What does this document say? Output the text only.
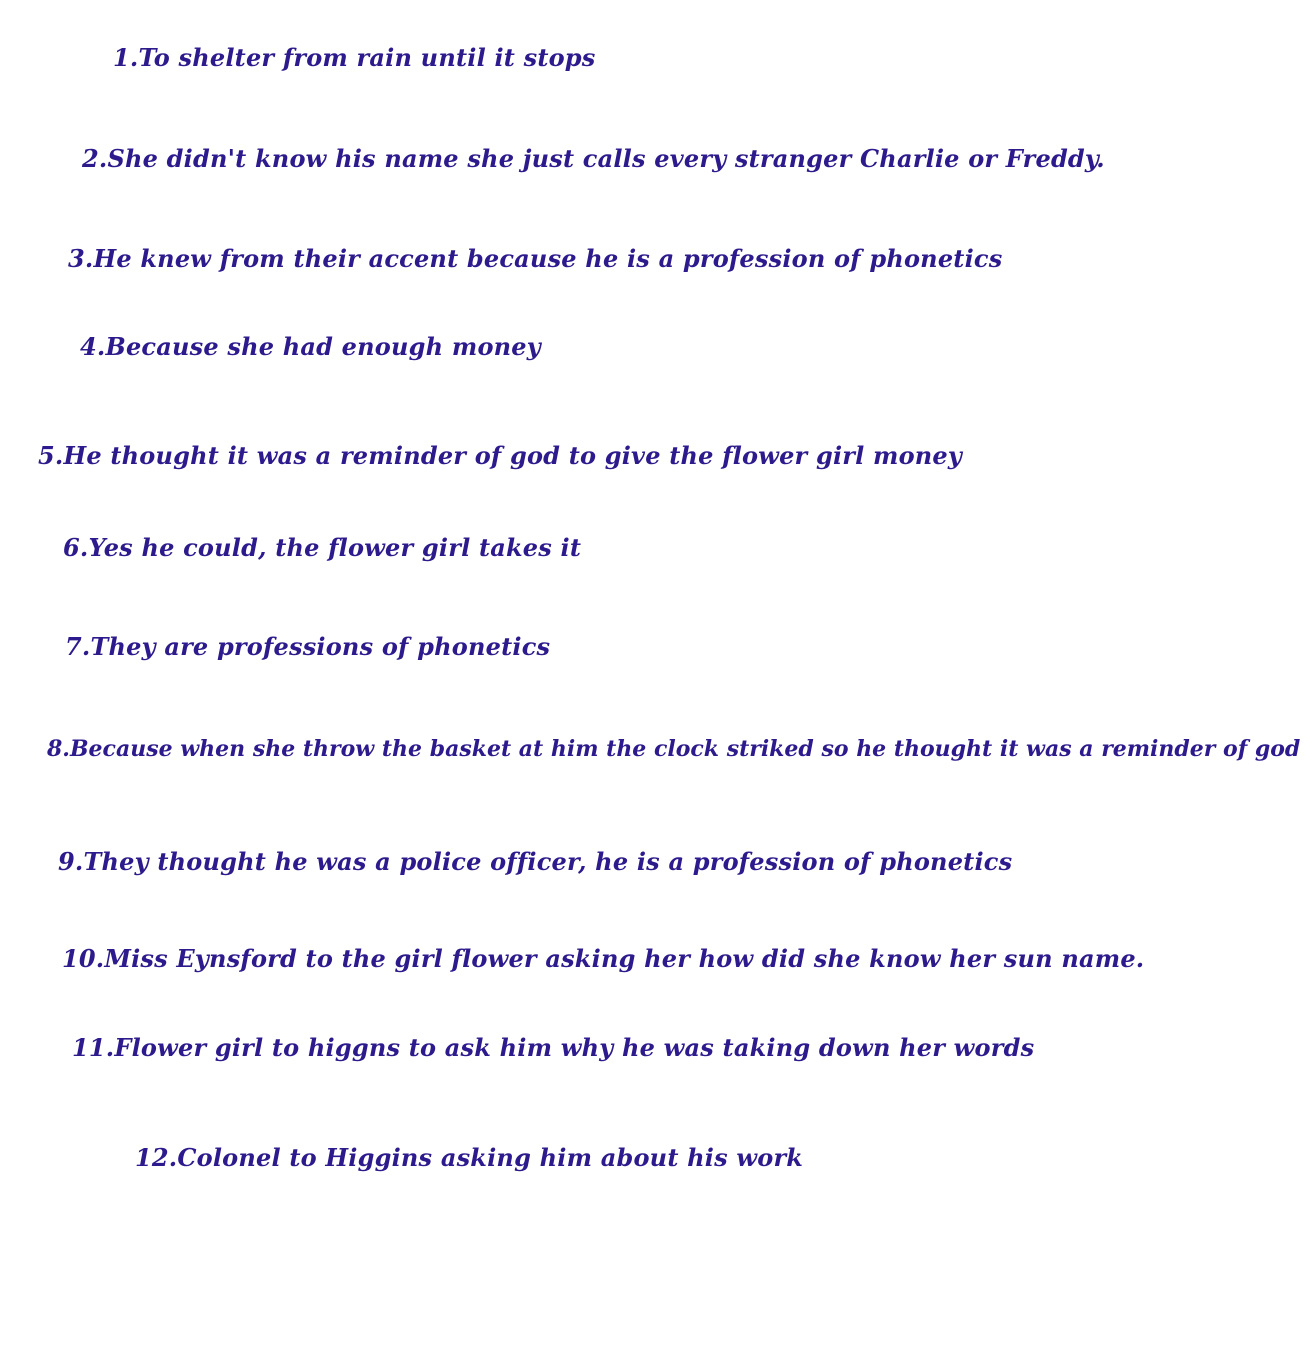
1.To shelter from rain until it stops

2.She didn't know his name she just calls every stranger Charlie or Freddy.

3.He knew from their accent because he is a profession of phonetics

4.Because she had enough money

5.He thought it was a reminder of god to give the flower girl money

6.Yes he could, the flower girl takes it

7.They are professions of phonetics

8.Because when she throw the basket at him the clock striked so he thought it was a reminder of god

9.They thought he was a police officer, he is a profession of phonetics

10.Miss Eynsford to the girl flower asking her how did she know her sun name.

11.Flower girl to higgns to ask him why he was taking down her words

12.Colonel to Higgins asking him about his work
